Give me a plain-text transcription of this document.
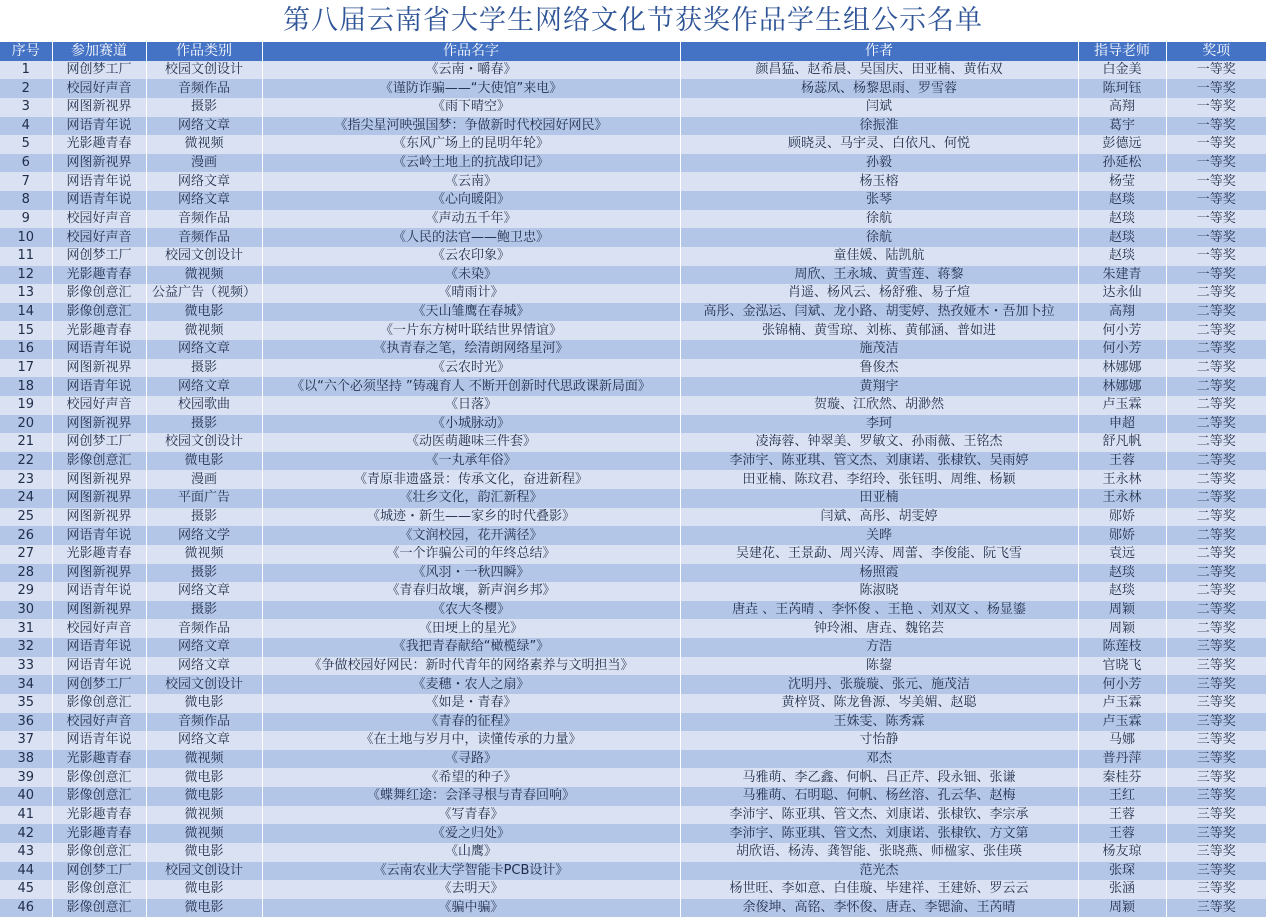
第八届云南省大学生网络文化节获奖作品学生组公示名单
序号	参加赛道	作品类别	作品名字	作者	指导老师	奖项
1	网创梦工厂	校园文创设计	《云南・嚼春》	颜昌猛、赵希晨、吴国庆、田亚楠、黄佑双	白金美	一等奖
2	校园好声音	音频作品	《谨防诈骗——“大使馆”来电》	杨蕊凤、杨黎思雨、罗雪蓉	陈珂钰	一等奖
3	网图新视界	摄影	《雨下晴空》	闫斌	高翔	一等奖
4	网语青年说	网络文章	《指尖星河映强国梦：争做新时代校园好网民》	徐振淮	葛宇	一等奖
5	光影趣青春	微视频	《东风广场上的昆明年轮》	顾晓灵、马宇灵、白依凡、何悦	彭德远	一等奖
6	网图新视界	漫画	《云岭土地上的抗战印记》	孙毅	孙延松	一等奖
7	网语青年说	网络文章	《云南》	杨玉榕	杨莹	一等奖
8	网语青年说	网络文章	《心向暖阳》	张琴	赵琰	一等奖
9	校园好声音	音频作品	《声动五千年》	徐航	赵琰	一等奖
10	校园好声音	音频作品	《人民的法官——鲍卫忠》	徐航	赵琰	一等奖
11	网创梦工厂	校园文创设计	《云农印象》	童佳媛、陆凯航	赵琰	一等奖
12	光影趣青春	微视频	《未染》	周欣、王永城、黄雪莲、蒋黎	朱建青	一等奖
13	影像创意汇	公益广告（视频）	《晴雨计》	肖遥、杨风云、杨舒雅、易子煊	达永仙	二等奖
14	影像创意汇	微电影	《天山雏鹰在春城》	高彤、金泓运、闫斌、龙小路、胡雯婷、热孜娅木・吾加卜拉	高翔	二等奖
15	光影趣青春	微视频	《一片东方树叶联结世界情谊》	张锦楠、黄雪琼、刘栋、黄郁涵、普如进	何小芳	二等奖
16	网语青年说	网络文章	《执青春之笔，绘清朗网络星河》	施茂洁	何小芳	二等奖
17	网图新视界	摄影	《云农时光》	鲁俊杰	林娜娜	二等奖
18	网语青年说	网络文章	《以“六个必须坚持 ”铸魂育人 不断开创新时代思政课新局面》	黄翔宇	林娜娜	二等奖
19	校园好声音	校园歌曲	《日落》	贺璇、江欣然、胡渺然	卢玉霖	二等奖
20	网图新视界	摄影	《小城脉动》	李珂	申超	二等奖
21	网创梦工厂	校园文创设计	《动医萌趣味三件套》	凌海蓉、钟翠美、罗敏文、孙雨薇、王铭杰	舒凡帆	二等奖
22	影像创意汇	微电影	《一丸承年俗》	李沛宇、陈亚琪、管文杰、刘康诺、张棣钦、吴雨婷	王蓉	二等奖
23	网图新视界	漫画	《青原非遗盛景：传承文化，奋进新程》	田亚楠、陈玟君、李绍玲、张钰明、周维、杨颖	王永林	二等奖
24	网图新视界	平面广告	《壮乡文化，韵汇新程》	田亚楠	王永林	二等奖
25	网图新视界	摄影	《城迹・新生——家乡的时代叠影》	闫斌、高彤、胡雯婷	郧娇	二等奖
26	网语青年说	网络文学	《文润校园，花开满径》	关晔	郧娇	二等奖
27	光影趣青春	微视频	《一个诈骗公司的年终总结》	吴建花、王景勐、周兴涛、周蕾、李俊能、阮飞雪	袁远	二等奖
28	网图新视界	摄影	《风羽・一秋四瞬》	杨照霞	赵琰	二等奖
29	网语青年说	网络文章	《青春归故壤，新声润乡邦》	陈淑晓	赵琰	二等奖
30	网图新视界	摄影	《农大冬樱》	唐垚 、王芮晴 、李怀俊 、王艳 、刘双文 、杨显鎏	周颖	二等奖
31	校园好声音	音频作品	《田埂上的星光》	钟玲湘、唐垚、魏铭芸	周颖	二等奖
32	网语青年说	网络文章	《我把青春献给“橄榄绿”》	方浩	陈莲枝	三等奖
33	网语青年说	网络文章	《争做校园好网民：新时代青年的网络素养与文明担当》	陈鋆	官晓飞	三等奖
34	网创梦工厂	校园文创设计	《麦穗・农人之扇》	沈明丹、张璇璇、张元、施茂洁	何小芳	三等奖
35	影像创意汇	微电影	《如是・青春》	黄梓贤、陈龙鲁源、岑美媚、赵聪	卢玉霖	三等奖
36	校园好声音	音频作品	《青春的征程》	王姝雯、陈秀霖	卢玉霖	三等奖
37	网语青年说	网络文章	《在土地与岁月中，读懂传承的力量》	寸怡静	马娜	三等奖
38	光影趣青春	微视频	《寻路》	邓杰	普丹萍	三等奖
39	影像创意汇	微电影	《希望的种子》	马雅萌、李乙鑫、何帆、吕正芹、段永钿、张谦	秦桂芬	三等奖
40	影像创意汇	微电影	《蝶舞红途：会泽寻根与青春回响》	马雅萌、石明聪、何帆、杨丝溶、孔云华、赵梅	王红	三等奖
41	光影趣青春	微视频	《写青春》	李沛宇、陈亚琪、管文杰、刘康诺、张棣钦、李宗承	王蓉	三等奖
42	光影趣青春	微视频	《爱之归处》	李沛宇、陈亚琪、管文杰、刘康诺、张棣钦、方文第	王蓉	三等奖
43	影像创意汇	微电影	《山鹰》	胡欣语、杨涛、龚智能、张晓燕、师楹家、张佳瑛	杨友琼	三等奖
44	网创梦工厂	校园文创设计	《云南农业大学智能卡PCB设计》	范光杰	张琛	三等奖
45	影像创意汇	微电影	《去明天》	杨世旺、李如意、白佳璇、毕建祥、王建娇、罗云云	张涵	三等奖
46	影像创意汇	微电影	《骗中骗》	余俊坤、高铭、李怀俊、唐垚、李锶渝、王芮晴	周颖	三等奖
